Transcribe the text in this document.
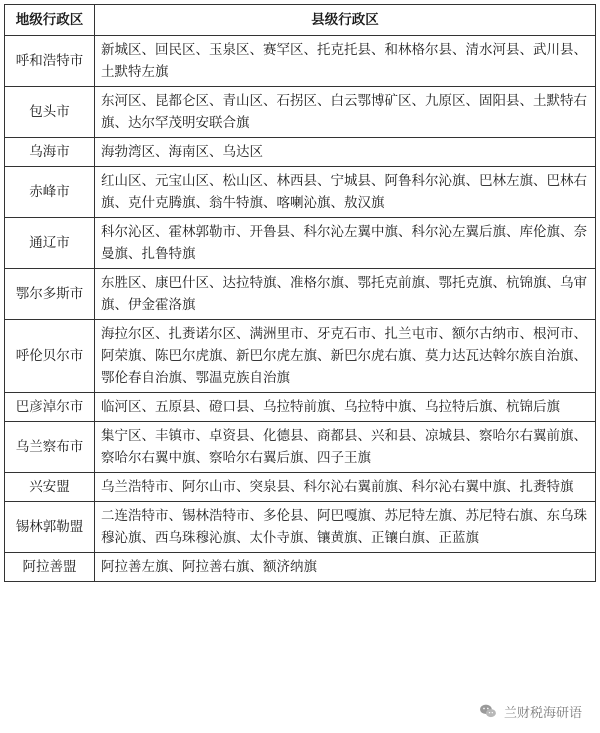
地级行政区	县级行政区
呼和浩特市	新城区、回民区、玉泉区、赛罕区、托克托县、和林格尔县、清水河县、武川县、土默特左旗
包头市	东河区、昆都仑区、青山区、石拐区、白云鄂博矿区、九原区、固阳县、土默特右旗、达尔罕茂明安联合旗
乌海市	海勃湾区、海南区、乌达区
赤峰市	红山区、元宝山区、松山区、林西县、宁城县、阿鲁科尔沁旗、巴林左旗、巴林右旗、克什克腾旗、翁牛特旗、喀喇沁旗、敖汉旗
通辽市	科尔沁区、霍林郭勒市、开鲁县、科尔沁左翼中旗、科尔沁左翼后旗、库伦旗、奈曼旗、扎鲁特旗
鄂尔多斯市	东胜区、康巴什区、达拉特旗、准格尔旗、鄂托克前旗、鄂托克旗、杭锦旗、乌审旗、伊金霍洛旗
呼伦贝尔市	海拉尔区、扎赉诺尔区、满洲里市、牙克石市、扎兰屯市、额尔古纳市、根河市、阿荣旗、陈巴尔虎旗、新巴尔虎左旗、新巴尔虎右旗、莫力达瓦达斡尔族自治旗、鄂伦春自治旗、鄂温克族自治旗
巴彦淖尔市	临河区、五原县、磴口县、乌拉特前旗、乌拉特中旗、乌拉特后旗、杭锦后旗
乌兰察布市	集宁区、丰镇市、卓资县、化德县、商都县、兴和县、凉城县、察哈尔右翼前旗、察哈尔右翼中旗、察哈尔右翼后旗、四子王旗
兴安盟	乌兰浩特市、阿尔山市、突泉县、科尔沁右翼前旗、科尔沁右翼中旗、扎赉特旗
锡林郭勒盟	二连浩特市、锡林浩特市、多伦县、阿巴嘎旗、苏尼特左旗、苏尼特右旗、东乌珠穆沁旗、西乌珠穆沁旗、太仆寺旗、镶黄旗、正镶白旗、正蓝旗
阿拉善盟	阿拉善左旗、阿拉善右旗、额济纳旗
兰财税海研语
